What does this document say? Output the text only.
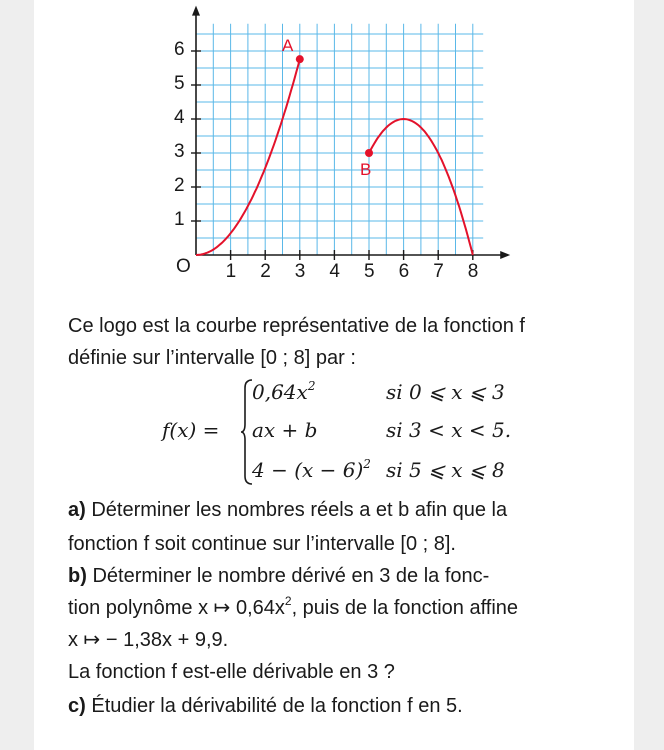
1
2
3
4
5
6
1 2 3 4 5 6 7 8
O
A
B
Ce logo est la courbe représentative de la fonction f
définie sur l’intervalle [0 ; 8] par :
f(x) =
$0,64x^2$	si 0 ⩽ x ⩽ 3
ax + b	si 3 < x < 5.
$4 - (x - 6)^2$ si 5 ⩽ x ⩽ 8
a) Déterminer les nombres réels a et b afin que la
fonction f soit continue sur l’intervalle [0 ; 8].
b) Déterminer le nombre dérivé en 3 de la fonc-
tion polynôme x ↦ $0,64x^2$, puis de la fonction affine
x ↦ − 1,38x + 9,9.
La fonction f est-elle dérivable en 3 ?
c) Étudier la dérivabilité de la fonction f en 5.
